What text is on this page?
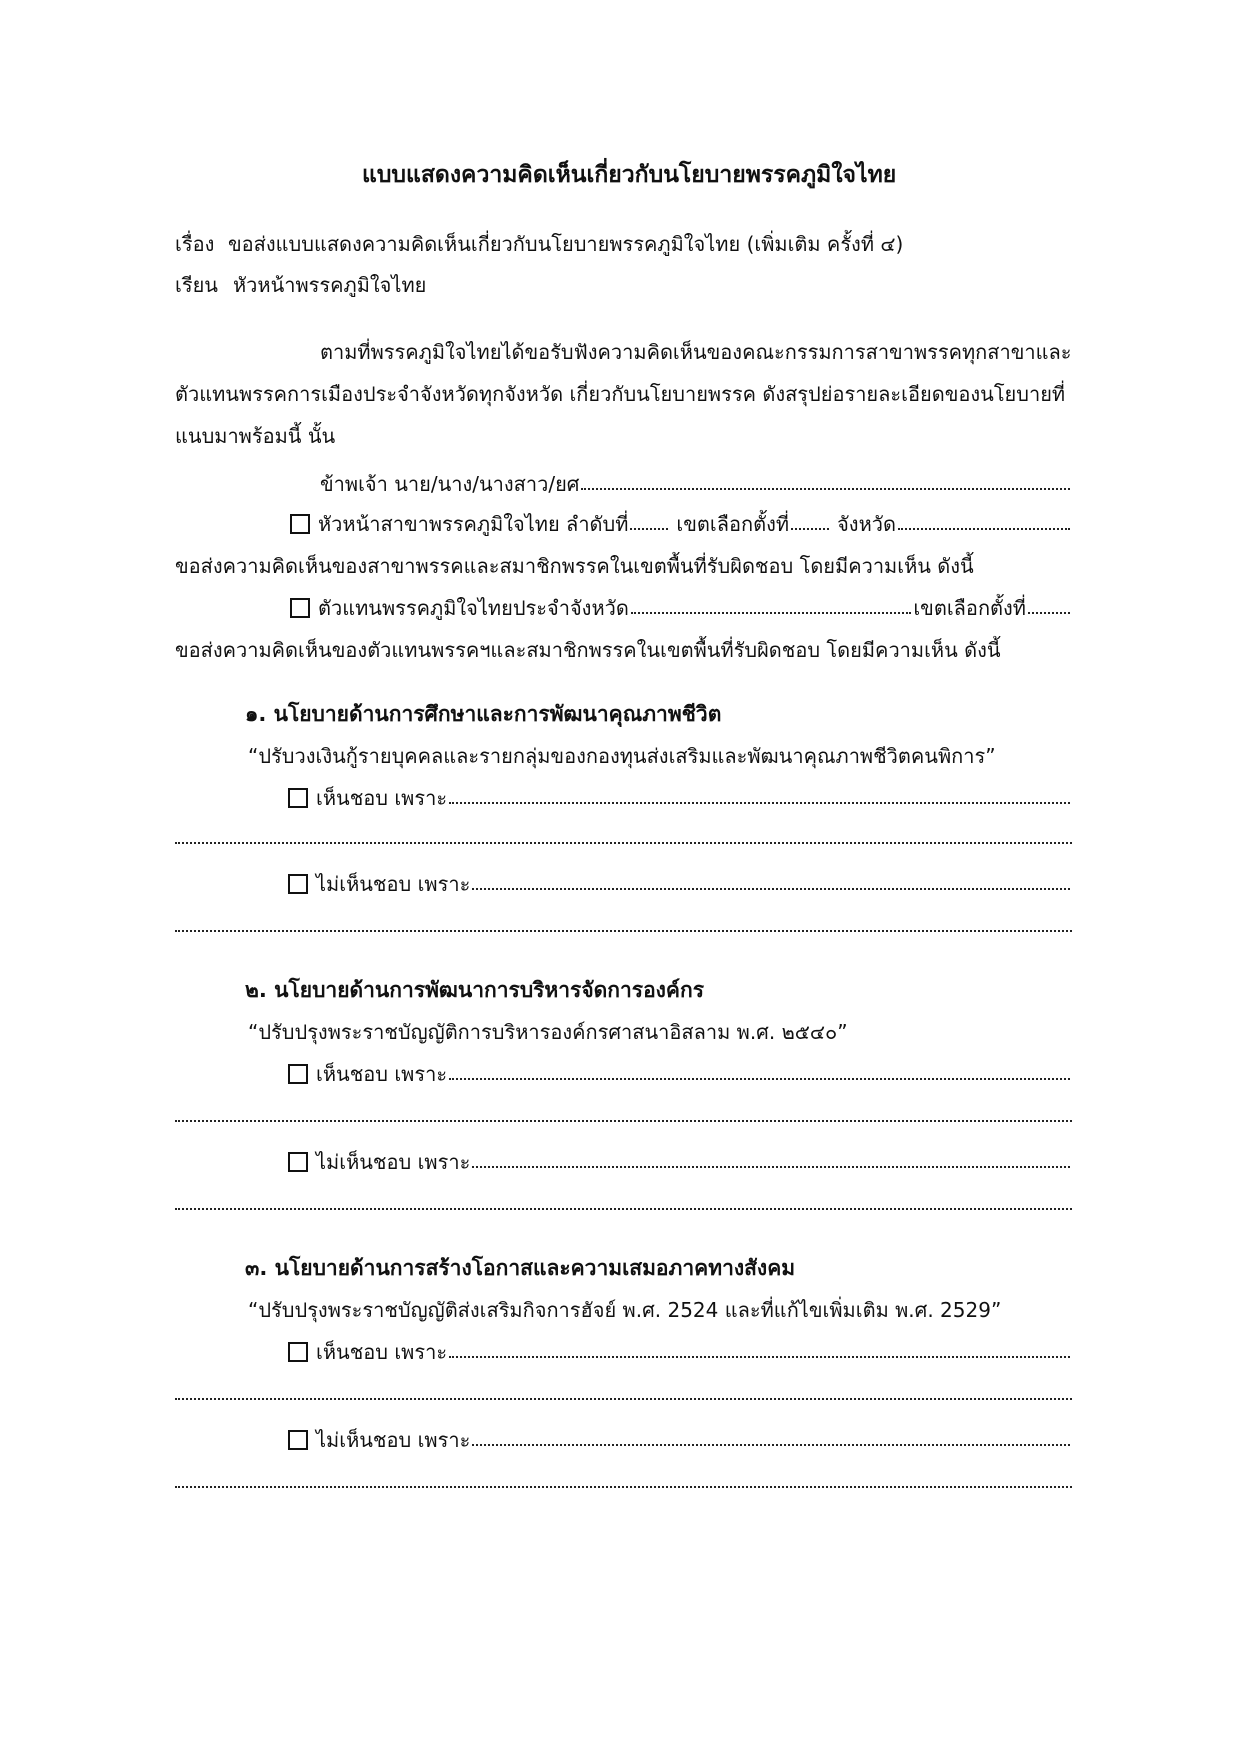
แบบแสดงความคิดเห็นเกี่ยวกับนโยบายพรรคภูมิใจไทย
เรื่อง ขอส่งแบบแสดงความคิดเห็นเกี่ยวกับนโยบายพรรคภูมิใจไทย (เพิ่มเติม ครั้งที่ ๔)
เรียน หัวหน้าพรรคภูมิใจไทย
ตามที่พรรคภูมิใจไทยได้ขอรับฟังความคิดเห็นของคณะกรรมการสาขาพรรคทุกสาขาและ
ตัวแทนพรรคการเมืองประจำจังหวัดทุกจังหวัด เกี่ยวกับนโยบายพรรค ดังสรุปย่อรายละเอียดของนโยบายที่
แนบมาพร้อมนี้ นั้น
ข้าพเจ้า นาย/นาง/นางสาว/ยศ
หัวหน้าสาขาพรรคภูมิใจไทย ลำดับที่ เขตเลือกตั้งที่ จังหวัด
ขอส่งความคิดเห็นของสาขาพรรคและสมาชิกพรรคในเขตพื้นที่รับผิดชอบ โดยมีความเห็น ดังนี้
ตัวแทนพรรคภูมิใจไทยประจำจังหวัด	เขตเลือกตั้งที่
ขอส่งความคิดเห็นของตัวแทนพรรคฯและสมาชิกพรรคในเขตพื้นที่รับผิดชอบ โดยมีความเห็น ดังนี้
๑. นโยบายด้านการศึกษาและการพัฒนาคุณภาพชีวิต
“ปรับวงเงินกู้รายบุคคลและรายกลุ่มของกองทุนส่งเสริมและพัฒนาคุณภาพชีวิตคนพิการ”
เห็นชอบ เพราะ
ไม่เห็นชอบ เพราะ
๒. นโยบายด้านการพัฒนาการบริหารจัดการองค์กร
“ปรับปรุงพระราชบัญญัติการบริหารองค์กรศาสนาอิสลาม พ.ศ. ๒๕๔๐”
เห็นชอบ เพราะ
ไม่เห็นชอบ เพราะ
๓. นโยบายด้านการสร้างโอกาสและความเสมอภาคทางสังคม
“ปรับปรุงพระราชบัญญัติส่งเสริมกิจการฮัจย์ พ.ศ. 2524 และที่แก้ไขเพิ่มเติม พ.ศ. 2529”
เห็นชอบ เพราะ
ไม่เห็นชอบ เพราะ
